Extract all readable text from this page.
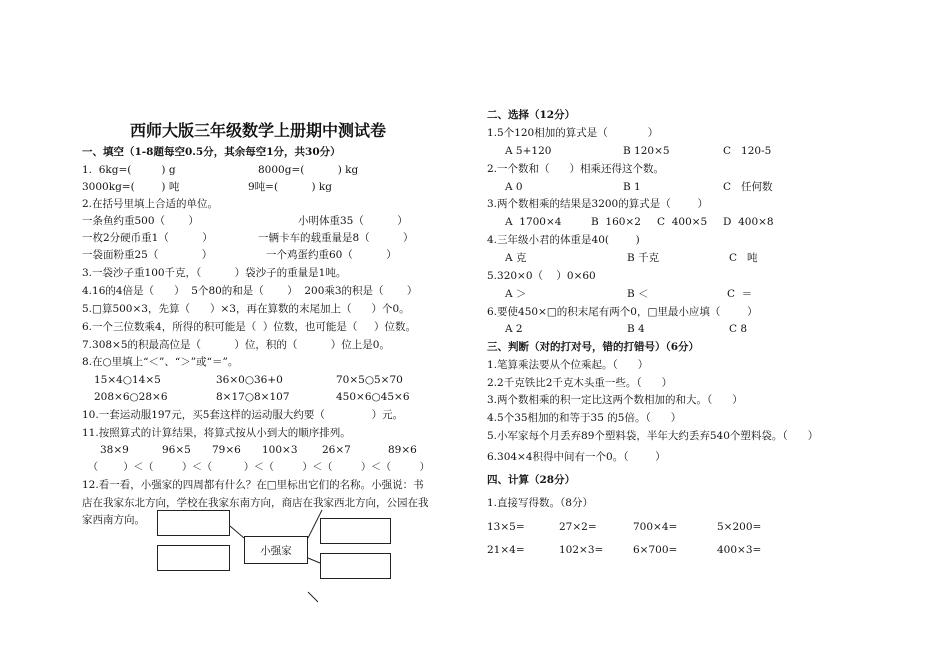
西师大版三年级数学上册期中测试卷
一、填空（1-8题每空0.5分，其余每空1分，共30分）

1.  6kg=(         ) g

	8000g=(          ) kg

3000kg=(        ) 吨

	9吨=(          ) kg

2.在括号里填上合适的单位。

一条鱼约重500（       ）

	小明体重35（          ）

一枚2分硬币重1（          ）

	一辆卡车的载重量是8（          ）

一袋面粉重25（             ）

	一个鸡蛋约重60（          ）

3.一袋沙子重100千克，（          ）袋沙子的重量是1吨。
4.16的4倍是（      ）  5个80的和是（       ）  200乘3的积是（       ）
5.□算500×3，先算（      ）×3，再在算数的末尾加上（      ）个0。
6.一个三位数乘4，所得的积可能是（  ）位数，也可能是（     ）位数。
7.308×5的积最高位是（          ）位，积的（          ）位上是0。
8.在○里填上“＜”、“＞”或“＝”。

15×4○14×5

	36×0○36+0

	70×5○5×70

208×6○28×6

	8×17○8×107

	450×6○45×6

10.一套运动服197元，买5套这样的运动服大约要（              ）元。
11.按照算式的计算结果，将算式按从小到大的顺序排列。

38×9

	96×5

79×6

100×3

26×7

	89×6

（        ）＜（         ）＜（          ）＜（         ）＜（         ）＜（         ）
12.看一看，小强家的四周都有什么？在□里标出它们的名称。小强说：书
店在我家东北方向，学校在我家东南方向，商店在我家西北方向，公园在我
家西南方向。
小强家
二、选择（12分）
1.5个120相加的算式是（            ）

A 5+120

	B 120×5

	C   120-5

2.一个数和（      ）相乘还得这个数。

A 0

	B 1

	C   任何数

3.两个数相乘的结果是3200的算式是（        ）

A  1700×4

	B  160×2

C  400×5

D  400×8

4.三年级小君的体重是40(        )

A 克

	B 千克

	C   吨

5.320×0（    ）0×60

A ＞

	B ＜

	C  ＝

6.要使450×□的积末尾有两个0，□里最小应填（        ）

A 2

	B 4

	C 8

三、判断（对的打对号，错的打错号）（6分）
1.笔算乘法要从个位乘起。（      ）
2.2千克铁比2千克木头重一些。（      ）
3.两个数相乘的积一定比这两个数相加的和大。（      ）
4.5个35相加的和等于35 的5倍。（      ）
5.小军家每个月丢弃89个塑料袋，半年大约丢弃540个塑料袋。（      ）
6.304×4积得中间有一个0。（        ）
四、计算（28分）
1.直接写得数。（8分）

13×5=

	27×2=

	700×4=

	5×200=

21×4=

	102×3=

	6×700=

	400×3=
